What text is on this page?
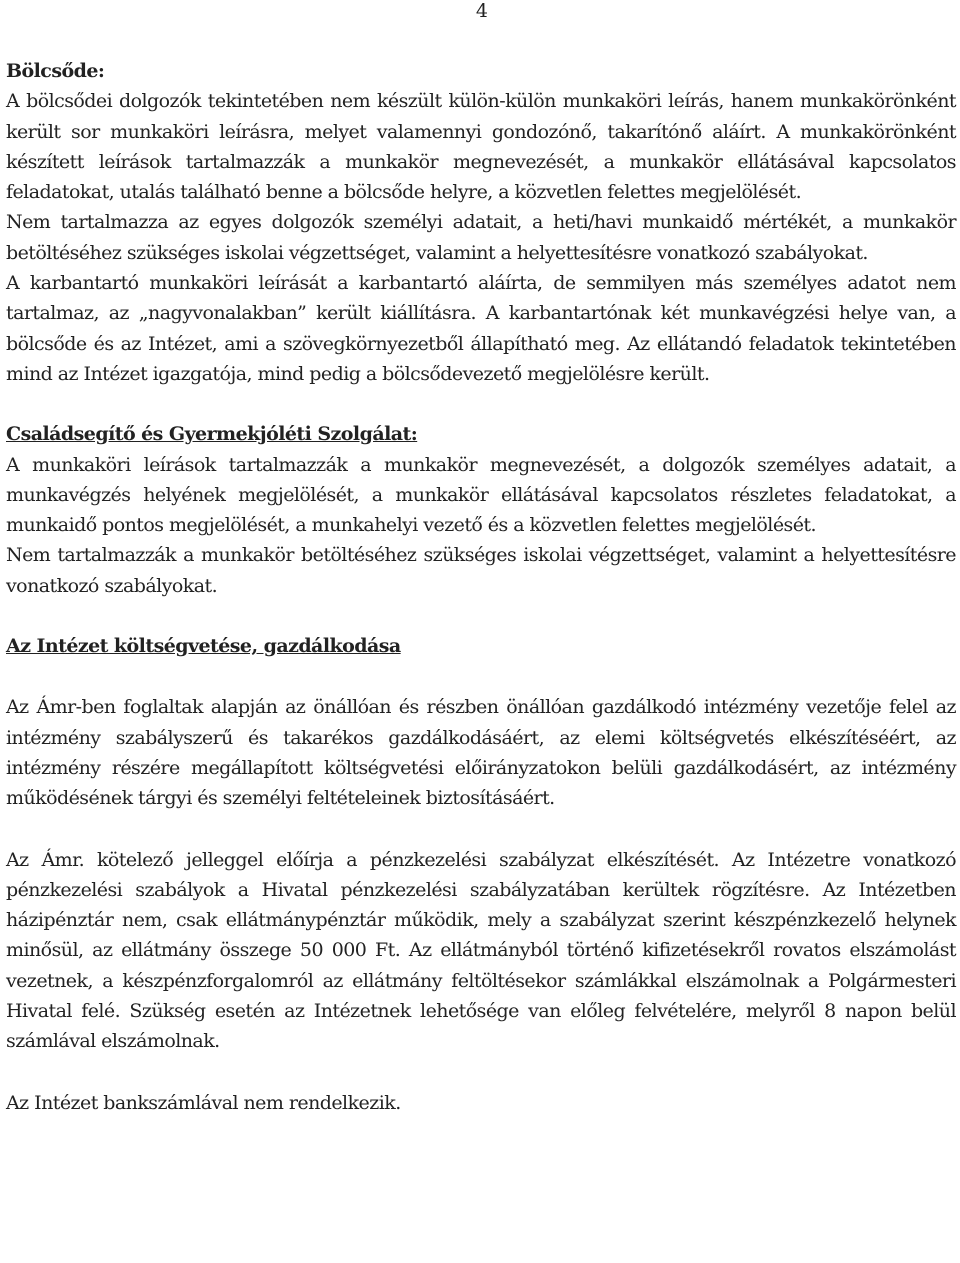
4

Bölcsőde:

A bölcsődei dolgozók tekintetében nem készült külön-külön munkaköri leírás, hanem munkakörönként került sor munkaköri leírásra, melyet valamennyi gondozónő, takarítónő aláírt. A munkakörönként készített leírások tartalmazzák a munkakör megnevezését, a munkakör ellátásával kapcsolatos feladatokat, utalás található benne a bölcsőde helyre, a közvetlen felettes megjelölését.

Nem tartalmazza az egyes dolgozók személyi adatait, a heti/havi munkaidő mértékét, a munkakör betöltéséhez szükséges iskolai végzettséget, valamint a helyettesítésre vonatkozó szabályokat.

A karbantartó munkaköri leírását a karbantartó aláírta, de semmilyen más személyes adatot nem tartalmaz, az „nagyvonalakban” került kiállításra. A karbantartónak két munkavégzési helye van, a bölcsőde és az Intézet, ami a szövegkörnyezetből állapítható meg. Az ellátandó feladatok tekintetében mind az Intézet igazgatója, mind pedig a bölcsődevezető megjelölésre került.

Családsegítő és Gyermekjóléti Szolgálat:

A munkaköri leírások tartalmazzák a munkakör megnevezését, a dolgozók személyes adatait, a munkavégzés helyének megjelölését, a munkakör ellátásával kapcsolatos részletes feladatokat, a munkaidő pontos megjelölését, a munkahelyi vezető és a közvetlen felettes megjelölését.

Nem tartalmazzák a munkakör betöltéséhez szükséges iskolai végzettséget, valamint a helyettesítésre vonatkozó szabályokat.

Az Intézet költségvetése, gazdálkodása

Az Ámr-ben foglaltak alapján az önállóan és részben önállóan gazdálkodó intézmény vezetője felel az intézmény szabályszerű és takarékos gazdálkodásáért, az elemi költségvetés elkészítéséért, az intézmény részére megállapított költségvetési előirányzatokon belüli gazdálkodásért, az intézmény működésének tárgyi és személyi feltételeinek biztosításáért.

Az Ámr. kötelező jelleggel előírja a pénzkezelési szabályzat elkészítését. Az Intézetre vonatkozó pénzkezelési szabályok a Hivatal pénzkezelési szabályzatában kerültek rögzítésre. Az Intézetben házipénztár nem, csak ellátmánypénztár működik, mely a szabályzat szerint készpénzkezelő helynek minősül, az ellátmány összege 50 000 Ft. Az ellátmányból történő kifizetésekről rovatos elszámolást vezetnek, a készpénzforgalomról az ellátmány feltöltésekor számlákkal elszámolnak a Polgármesteri Hivatal felé. Szükség esetén az Intézetnek lehetősége van előleg felvételére, melyről 8 napon belül számlával elszámolnak.

Az Intézet bankszámlával nem rendelkezik.
